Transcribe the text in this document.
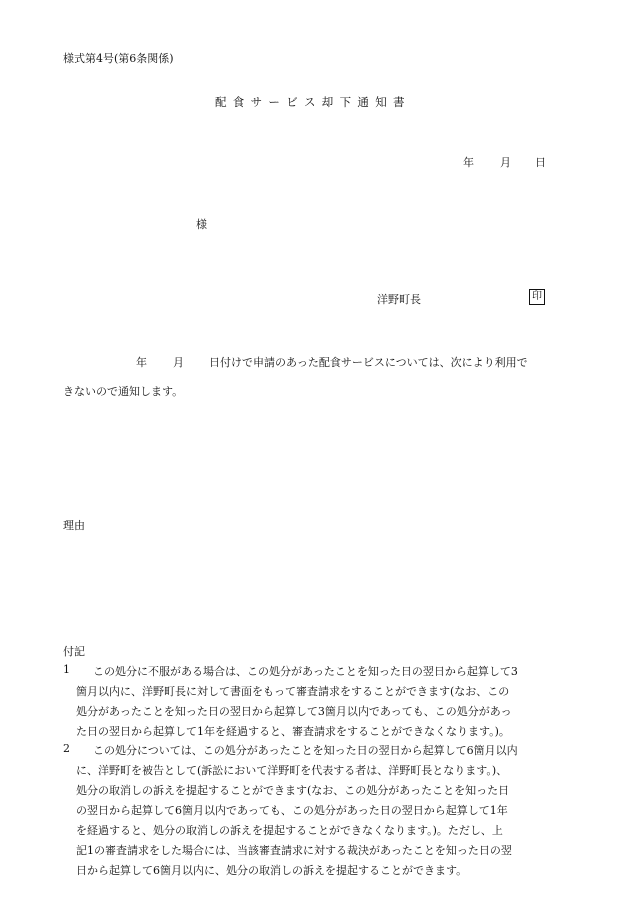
様式第4号(第6条関係)
配食サービス却下通知書
年 月 日
様
洋野町長	印
年 月 日付けで申請のあった配食サービスについては、次により利用で
きないので通知します。
理由
付記
1 この処分に不服がある場合は、この処分があったことを知った日の翌日から起算して3
箇月以内に、洋野町長に対して書面をもって審査請求をすることができます(なお、この
処分があったことを知った日の翌日から起算して3箇月以内であっても、この処分があっ
た日の翌日から起算して1年を経過すると、審査請求をすることができなくなります。)。
2 この処分については、この処分があったことを知った日の翌日から起算して6箇月以内
に、洋野町を被告として(訴訟において洋野町を代表する者は、洋野町長となります。)、
処分の取消しの訴えを提起することができます(なお、この処分があったことを知った日
の翌日から起算して6箇月以内であっても、この処分があった日の翌日から起算して1年
を経過すると、処分の取消しの訴えを提起することができなくなります。)。ただし、上
記1の審査請求をした場合には、当該審査請求に対する裁決があったことを知った日の翌
日から起算して6箇月以内に、処分の取消しの訴えを提起することができます。
